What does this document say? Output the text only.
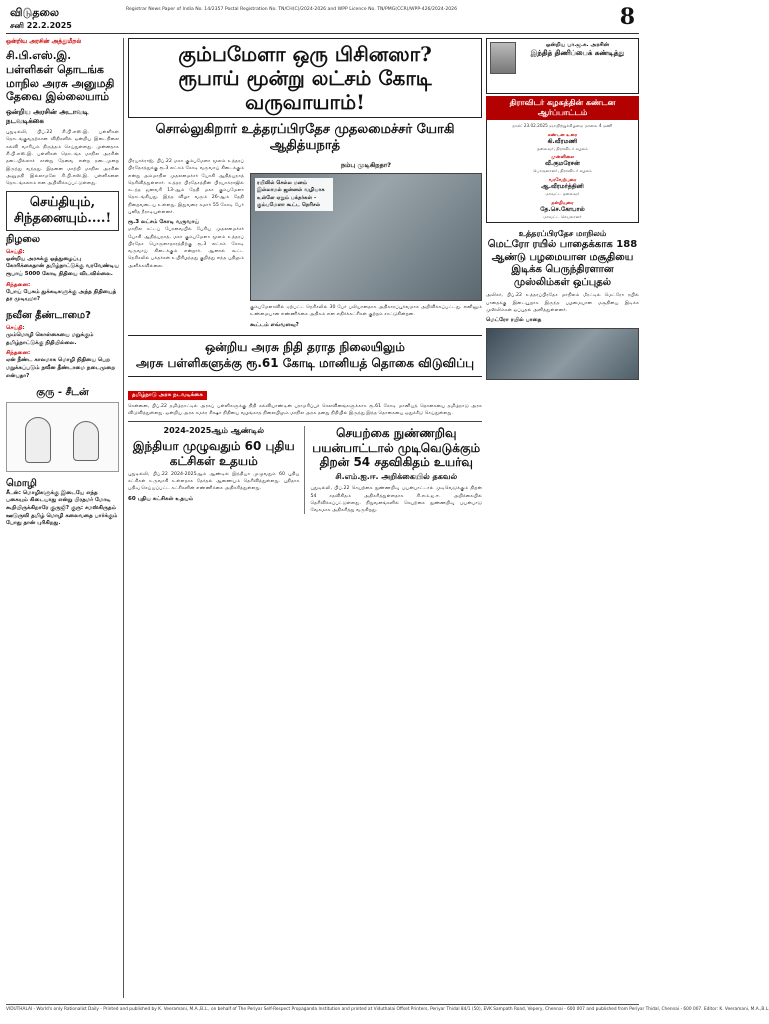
விடுதலை
சனி 22.2.2025
Registrar News Paper of India No. 14/2357 Postal Registration No. TN/CH(C)/2024-2026 and WPP Licence No. TN/PMG(CCR)/WPP-426/2024-2026	8
ஒன்றிய அரசின் அத்துமீறல்
சி.பி.எஸ்.இ. பள்ளிகள் தொடங்க மாநில அரசு அனுமதி தேவை இல்லையாம்
ஒன்றிய அரசின் அடாவடி நடவடிக்கை
புதுடில்லி, பிப்.22 சி.பி.எஸ்.இ. பள்ளிகள் தொடங்குவதற்கான விதிகளில் ஒன்றிய இடைநிலை கல்வி வாரியம் திருத்தம் செய்துள்ளது. முன்னதாக சி.பி.எஸ்.இ. பள்ளிகள் தொடங்க மாநில அரசின் தடையில்லாச் சான்று தேவை என்ற நடைமுறை இருந்து வந்தது. இதனை மாற்றி மாநில அரசின் அனுமதி இல்லாமலே சி.பி.எஸ்.இ. பள்ளிகளை தொடங்கலாம் என அறிவிக்கப்பட்டுள்ளது.
செய்தியும், சிந்தனையும்....!
நிழலை
செய்தி:
ஒன்றிய அரசுக்கு ஒத்துழைப்பு கோரிக்கைதான் தமிழ்நாட்டுக்கு வரவேண்டிய ரூபாய் 5000 கோடி நிதியை விடவில்லை.
சிந்தனை:
போய் பேசும் துக்கடிகளுக்கு அந்த நிதியைத் தர முடியுமா?
நவீன தீண்டாமை?
செய்தி:
மும்மொழி கொள்கையை மறுக்கும் தமிழ்நாட்டுக்கு நிதியில்லை.
சிந்தனை:
ஏன் நீண்ட காலமாக மொழி நிதியை பெற மறுக்கப்படும் நவீன தீண்டாமை நடைமுறை என்பதா?
குரு - சீடன்
மொழி
சீடன்: மொழிகளுக்கு இடையே எந்த பகையும் கிடையாது என்று பிரதமர் மோடி கூறியிருக்கிறாரே குருஜி? குரு: சமஸ்கிருதம் ஊடுருவி தமிழ் மொழி கலைவதை பார்க்கும் போது தான் புரிகிறது.
கும்பமேளா ஒரு பிசினஸா?
ரூபாய் மூன்று லட்சம் கோடி வருவாயாம்!
சொல்லுகிறார் உத்தரப்பிரதேச முதலமைச்சர் யோகி ஆதித்யநாத்
பிரயாக்ராஜ், பிப்.22 மகா கும்பமேளா மூலம் உத்தரப் பிரதேசத்துக்கு ரூ.3 லட்சம் கோடி வருவாய் கிடைக்கும் என்று அம்மாநில முதலமைச்சர் யோகி ஆதித்யநாத் தெரிவித்துள்ளார். உத்தர பிரதேசத்தின் பிரயாக்ராஜில் கடந்த ஜனவரி 13-ஆம் தேதி மகா கும்பமேளா தொடங்கியது. இந்த விழா வரும் 26-ஆம் தேதி நிறைவடைய உள்ளது. இதுவரை சுமார் 55 கோடி பேர் புனித நீராடியுள்ளனர்.
ரூ.3 லட்சம் கோடி வருவாய்
மாநில சட்டப் பேரவையில் பேசிய முதலமைச்சர் யோகி ஆதித்யநாத், மகா கும்பமேளா மூலம் உத்தரப் பிரதேச பொருளாதாரத்திற்கு ரூ.3 லட்சம் கோடி வருவாய் கிடைக்கும் என்றார். ஆனால் கூட்ட நெரிசலில் பக்தர்கள் உயிரிழந்தது குறித்து எந்த பதிலும் அளிக்கவில்லை.
நம்பு முடிகிறதா?
ரயிலில் செல்ல மனம் இல்லாமல் ஜன்னல் வழியாக உள்ளே ஏறும் பக்தர்கள் - கும்பமேளா கூட்ட நெரிசல்
கும்பமேளாவில் ஏற்பட்ட நெரிசலில் 30 பேர் பலியானதாக அதிகாரப்பூர்வமாக அறிவிக்கப்பட்டது. எனினும் உண்மையான எண்ணிக்கை அதிகம் என எதிர்க்கட்சிகள் குற்றம் சாட்டுகின்றன.
கூட்டம் எவ்வளவு?
ஒன்றிய அரசு நிதி தராத நிலையிலும்
அரசு பள்ளிகளுக்கு ரூ.61 கோடி மானியத் தொகை விடுவிப்பு
தமிழ்நாடு அரசு நடவடிக்கை
சென்னை, பிப்.22 தமிழ்நாட்டில் அரசுப் பள்ளிகளுக்கு நிதி கல்வியாண்டின் பராமரிப்புச் செலவினங்களுக்காக ரூ.61 கோடி மானியத் தொகையை தமிழ்நாடு அரசு விடுவித்துள்ளது. ஒன்றிய அரசு சமக்ர சிக்ஷா நிதியை வழங்காத நிலையிலும் மாநில அரசு தனது நிதியில் இருந்து இந்த தொகையை ஒதுக்கீடு செய்துள்ளது.
2024-2025ஆம் ஆண்டில்
இந்தியா முழுவதும் 60 புதிய கட்சிகள் உதயம்
புதுடில்லி, பிப்.22 2024-2025ஆம் ஆண்டில் இந்தியா முழுவதும் 60 புதிய கட்சிகள் உருவாகி உள்ளதாக தேர்தல் ஆணையம் தெரிவித்துள்ளது. புதிதாக பதிவு செய்யப்பட்ட கட்சிகளின் எண்ணிக்கை அதிகரித்துள்ளது.
60 புதிய கட்சிகள் உதயம்
செயற்கை நுண்ணறிவு பயன்பாட்டால் முடிவெடுக்கும் திறன் 54 சதவிகிதம் உயர்வு
சி.எம்.ஐ.ஈ. அறிக்கையில் தகவல்
புதுடில்லி, பிப்.22 செயற்கை நுண்ணறிவு பயன்பாட்டால் முடிவெடுக்கும் திறன் 54 சதவிகிதம் அதிகரித்துள்ளதாக சி.எம்.ஐ.ஈ. அறிக்கையில் தெரிவிக்கப்பட்டுள்ளது. நிறுவனங்களில் செயற்கை நுண்ணறிவு பயன்பாடு வேகமாக அதிகரித்து வருகிறது.
ஒன்றிய பா.ஜ.க. அரசின்
இந்தித் திணிப்பைக் கண்டித்து
திராவிடர் கழகத்தின் கண்டன ஆர்ப்பாட்டம்
நாள்: 23.02.2025 ஞாயிற்றுக்கிழமை மாலை 4 மணி
கண்டன உரை
கி.வீரமணி
தலைவர், திராவிடர் கழகம்
முன்னிலை
வீ.குமரேசன்
பொருளாளர், திராவிடர் கழகம்
வரவேற்புரை
ஆ.வீரமர்த்தினி
மாவட்ட தலைவர்
நன்றியுரை
தே.செ.கோபால்
மாவட்ட செயலாளர்
உத்தரப்பிரதேச மாநிலம்
மெட்ரோ ரயில் பாதைக்காக 188 ஆண்டு பழமையான மசூதியை இடிக்க பெருந்திரளான முஸ்லிம்கள் ஒப்புதல்
அலிகர், பிப்.22 உத்தரப்பிரதேச மாநிலம் மீரட்டில் மெட்ரோ ரயில் பாதைக்கு இடையூறாக இருந்த பழமையான மசூதியை இடிக்க முஸ்லிம்கள் ஒப்புதல் அளித்துள்ளனர்.
மெட்ரோ ரயில் பாதை
VIDUTHALAI - World's only Rationalist Daily - Printed and published by K. Veeramani, M.A.,B.L., on behalf of The Periyar Self-Respect Propaganda Institution and printed at Viduthalai Offset Printers, Periyar Thidal 84/1 (50), EVK Sampath Road, Vepery, Chennai - 600 007 and published from Periyar Thidal, Chennai - 600 007. Editor: K. Veeramani, M.A.,B.L.
